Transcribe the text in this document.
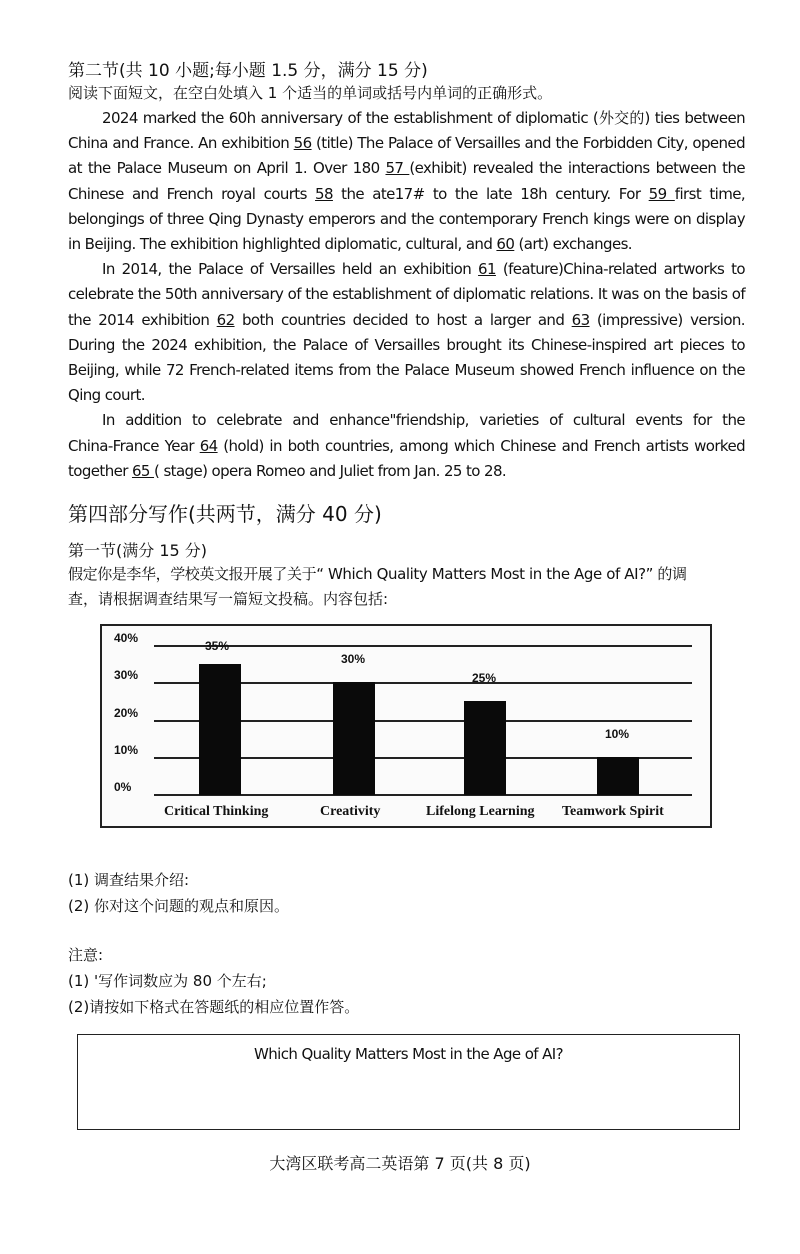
第二节(共 10 小题;每小题 1.5 分，满分 15 分)
阅读下面短文，在空白处填入 1 个适当的单词或括号内单词的正确形式。
2024 marked the 60h anniversary of the establishment of diplomatic (外交的) ties between
China and France. An exhibition 56 (title) The Palace of Versailles and the Forbidden City, opened
at the Palace Museum on April 1. Over 180 57 (exhibit) revealed the interactions between the
Chinese and French royal courts 58 the ate17# to the late 18h century. For 59 first time,
belongings of three Qing Dynasty emperors and the contemporary French kings were on display
in Beijing. The exhibition highlighted diplomatic, cultural, and 60 (art) exchanges.
In 2014, the Palace of Versailles held an exhibition 61 (feature)China-related artworks to
celebrate the 50th anniversary of the establishment of diplomatic relations. It was on the basis of
the 2014 exhibition 62 both countries decided to host a larger and 63 (impressive) version.
During the 2024 exhibition, the Palace of Versailles brought its Chinese-inspired art pieces to
Beijing, while 72 French-related items from the Palace Museum showed French influence on the
Qing court.
In addition to celebrate and enhance"friendship, varieties of cultural events for the
China-France Year 64 (hold) in both countries, among which Chinese and French artists worked
together 65 ( stage) opera Romeo and Juliet from Jan. 25 to 28.
第四部分写作(共两节，满分 40 分)
第一节(满分 15 分)
假定你是李华，学校英文报开展了关于“ Which Quality Matters Most in the Age of AI?” 的调
查，请根据调查结果写一篇短文投稿。内容包括:
0%
10%
20%
30%
40%
35%
Critical Thinking
30%
Creativity
25%
Lifelong Learning
10%
Teamwork Spirit
(1) 调查结果介绍:
(2) 你对这个问题的观点和原因。
注意:
(1) '写作词数应为 80 个左右;
(2)请按如下格式在答题纸的相应位置作答。
Which Quality Matters Most in the Age of AI?
大湾区联考高二英语第 7 页(共 8 页)
